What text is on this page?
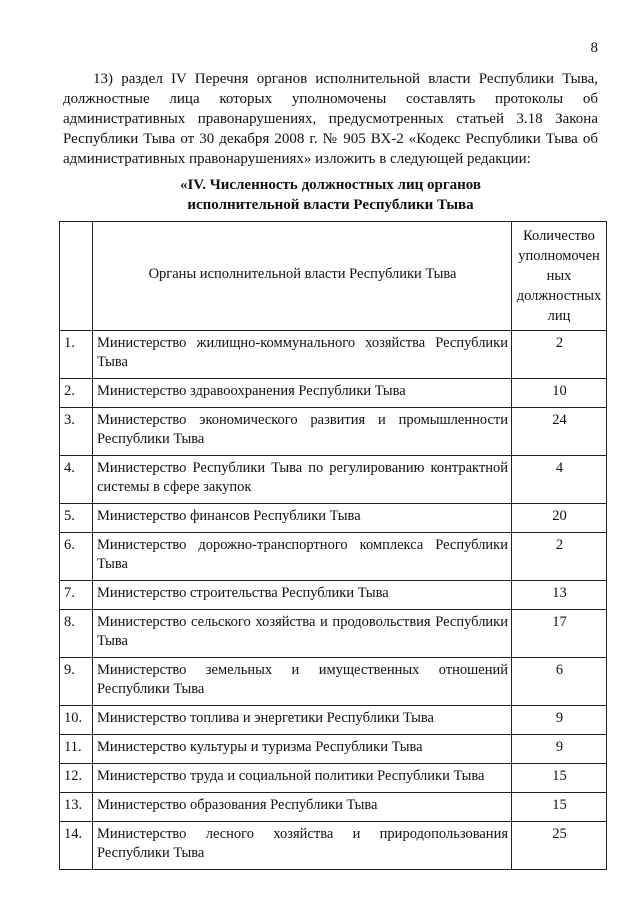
8
13) раздел IV Перечня органов исполнительной власти Республики Тыва, должностные лица которых уполномочены составлять протоколы об административных правонарушениях, предусмотренных статьей 3.18 Закона Республики Тыва от 30 декабря 2008 г. № 905 ВХ-2 «Кодекс Республики Тыва об административных правонарушениях» изложить в следующей редакции:
«IV. Численность должностных лиц органов
исполнительной власти Республики Тыва
	Органы исполнительной власти Республики Тыва	Количество уполномочен ных должностных лиц
1.	Министерство жилищно-коммунального хозяйства Республики Тыва	2
2.	Министерство здравоохранения Республики Тыва	10
3.	Министерство экономического развития и промышленности Республики Тыва	24
4.	Министерство Республики Тыва по регулированию контрактной системы в сфере закупок	4
5.	Министерство финансов Республики Тыва	20
6.	Министерство дорожно-транспортного комплекса Республики Тыва	2
7.	Министерство строительства Республики Тыва	13
8.	Министерство сельского хозяйства и продовольствия Республики Тыва	17
9.	Министерство земельных и имущественных отношений Республики Тыва	6
10.	Министерство топлива и энергетики Республики Тыва	9
11.	Министерство культуры и туризма Республики Тыва	9
12.	Министерство труда и социальной политики Республики Тыва	15
13.	Министерство образования Республики Тыва	15
14.	Министерство лесного хозяйства и природопользования Республики Тыва	25
